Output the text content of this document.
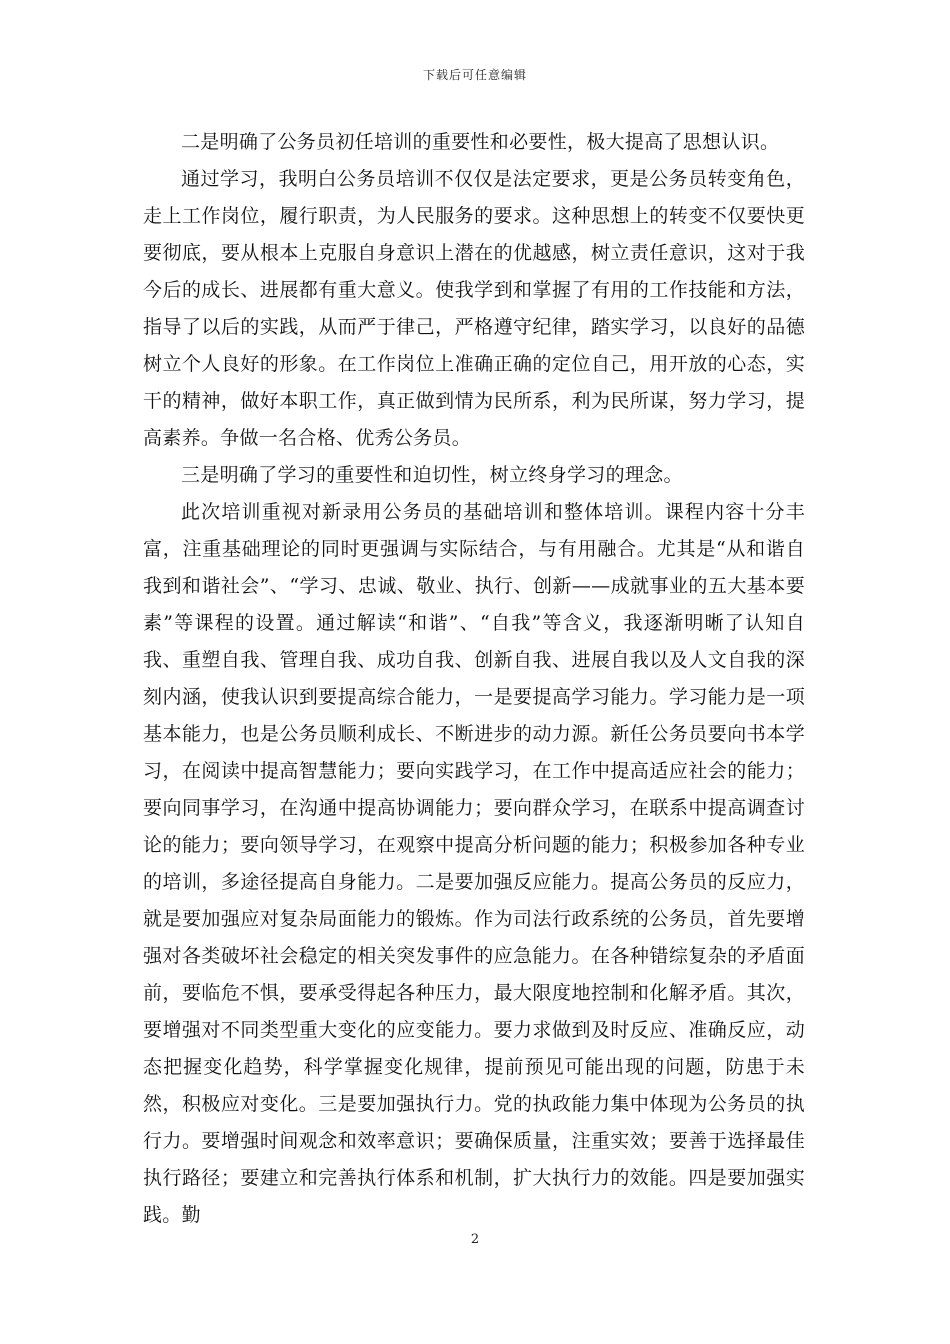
下载后可任意编辑

二是明确了公务员初任培训的重要性和必要性，极大提高了思想认识。

通过学习，我明白公务员培训不仅仅是法定要求，更是公务员转变角色，走上工作岗位，履行职责，为人民服务的要求。这种思想上的转变不仅要快更要彻底，要从根本上克服自身意识上潜在的优越感，树立责任意识，这对于我今后的成长、进展都有重大意义。使我学到和掌握了有用的工作技能和方法，指导了以后的实践，从而严于律己，严格遵守纪律，踏实学习，以良好的品德树立个人良好的形象。在工作岗位上准确正确的定位自己，用开放的心态，实干的精神，做好本职工作，真正做到情为民所系，利为民所谋，努力学习，提高素养。争做一名合格、优秀公务员。

三是明确了学习的重要性和迫切性，树立终身学习的理念。

此次培训重视对新录用公务员的基础培训和整体培训。课程内容十分丰富，注重基础理论的同时更强调与实际结合，与有用融合。尤其是“从和谐自我到和谐社会”、“学习、忠诚、敬业、执行、创新——成就事业的五大基本要素”等课程的设置。通过解读“和谐”、“自我”等含义，我逐渐明晰了认知自我、重塑自我、管理自我、成功自我、创新自我、进展自我以及人文自我的深刻内涵，使我认识到要提高综合能力，一是要提高学习能力。学习能力是一项基本能力，也是公务员顺利成长、不断进步的动力源。新任公务员要向书本学习，在阅读中提高智慧能力；要向实践学习，在工作中提高适应社会的能力；要向同事学习，在沟通中提高协调能力；要向群众学习，在联系中提高调查讨论的能力；要向领导学习，在观察中提高分析问题的能力；积极参加各种专业的培训，多途径提高自身能力。二是要加强反应能力。提高公务员的反应力，就是要加强应对复杂局面能力的锻炼。作为司法行政系统的公务员，首先要增强对各类破坏社会稳定的相关突发事件的应急能力。在各种错综复杂的矛盾面前，要临危不惧，要承受得起各种压力，最大限度地控制和化解矛盾。其次，要增强对不同类型重大变化的应变能力。要力求做到及时反应、准确反应，动态把握变化趋势，科学掌握变化规律，提前预见可能出现的问题，防患于未然，积极应对变化。三是要加强执行力。党的执政能力集中体现为公务员的执行力。要增强时间观念和效率意识；要确保质量，注重实效；要善于选择最佳执行路径；要建立和完善执行体系和机制，扩大执行力的效能。四是要加强实践。勤

2
